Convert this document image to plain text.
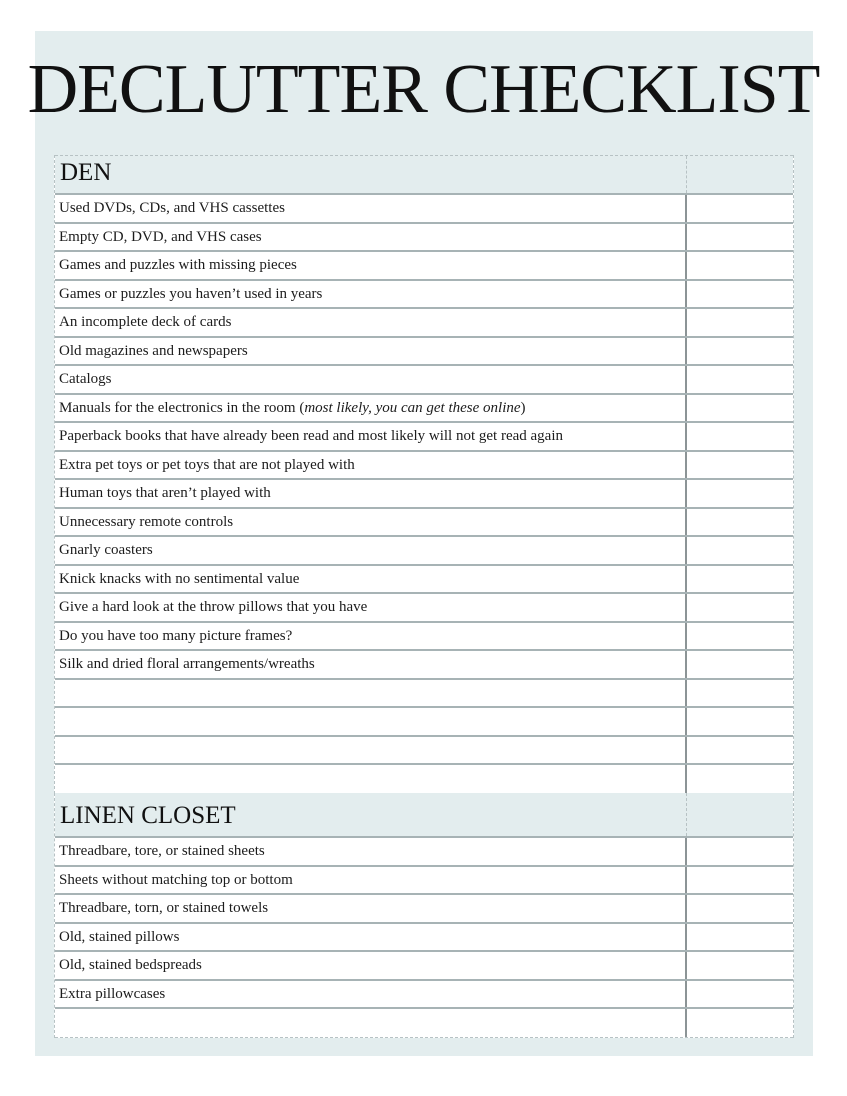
DECLUTTER CHECKLIST
DEN
Used DVDs, CDs, and VHS cassettes
Empty CD, DVD, and VHS cases
Games and puzzles with missing pieces
Games or puzzles you haven’t used in years
An incomplete deck of cards
Old magazines and newspapers
Catalogs
Manuals for the electronics in the room (most likely, you can get these online)
Paperback books that have already been read and most likely will not get read again
Extra pet toys or pet toys that are not played with
Human toys that aren’t played with
Unnecessary remote controls
Gnarly coasters
Knick knacks with no sentimental value
Give a hard look at the throw pillows that you have
Do you have too many picture frames?
Silk and dried floral arrangements/wreaths
LINEN CLOSET
Threadbare, tore, or stained sheets
Sheets without matching top or bottom
Threadbare, torn, or stained towels
Old, stained pillows
Old, stained bedspreads
Extra pillowcases
